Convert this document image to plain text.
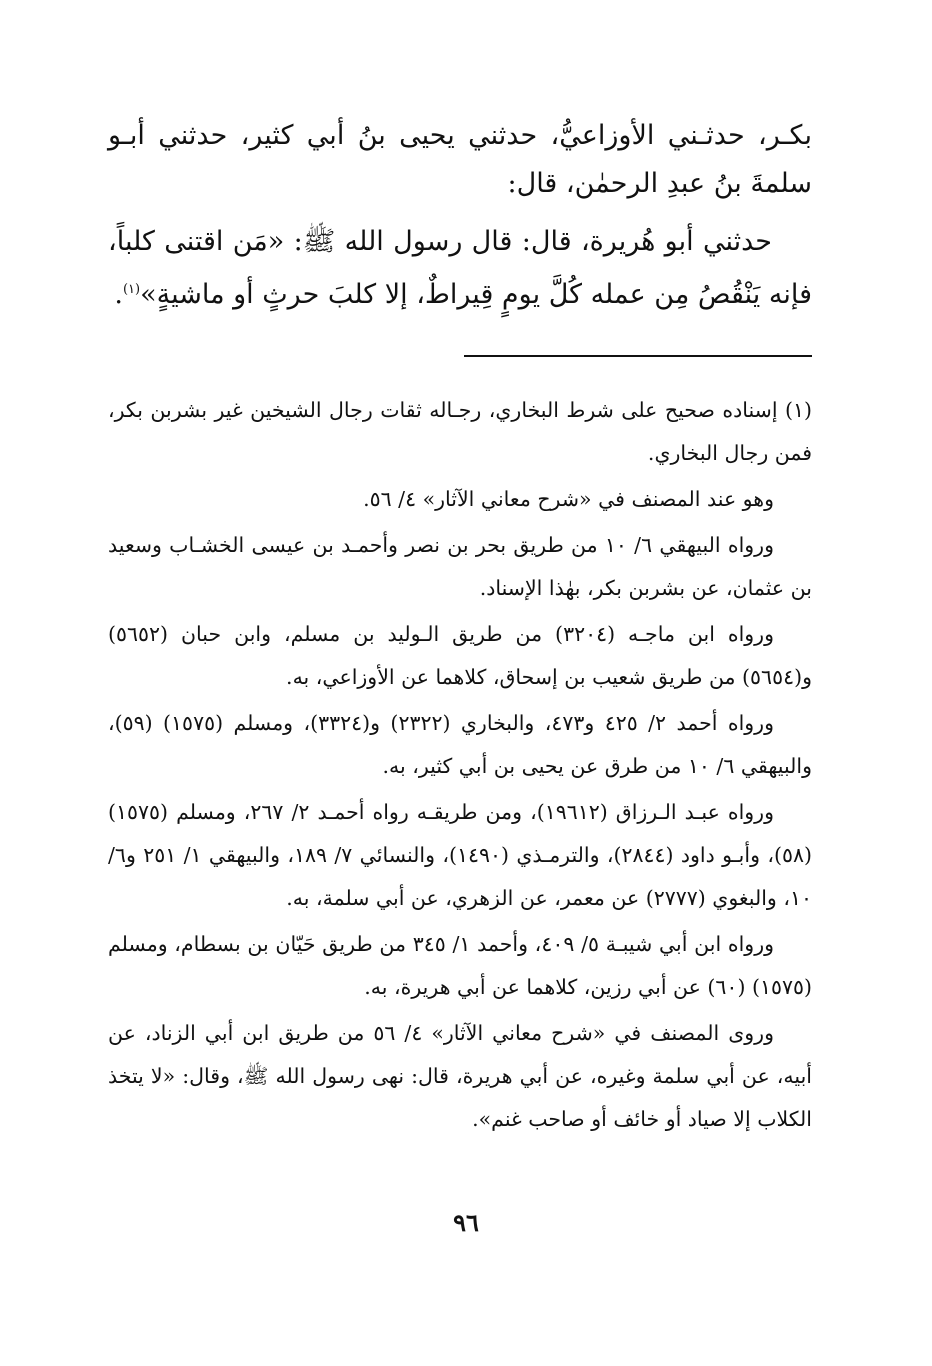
بكـر، حدثـني الأوزاعيُّ، حدثني يحيى بنُ أبي كثير، حدثني أبـو سلمةَ بنُ عبدِ الرحمٰن، قال:

حدثني أبو هُريرة، قال: قال رسول الله ﷺ: «مَن اقتنى كلباً، فإنه يَنْقُصُ مِن عمله كُلَّ يومٍ قِيراطٌ، إلا كلبَ حرثٍ أو ماشيةٍ»$^{(١)}$.

(١) إسناده صحيح على شرط البخاري، رجـاله ثقات رجال الشيخين غير بشربن بكر، فمن رجال البخاري.

وهو عند المصنف في «شرح معاني الآثار» ٤/ ٥٦.

ورواه البيهقي ٦/ ١٠ من طريق بحر بن نصر وأحمـد بن عيسى الخشـاب وسعيد بن عثمان، عن بشربن بكر، بهٰذا الإسناد.

ورواه ابن ماجـه (٣٢٠٤) من طريق الـوليد بن مسلم، وابن حبان (٥٦٥٢) و(٥٦٥٤) من طريق شعيب بن إسحاق، كلاهما عن الأوزاعي، به.

ورواه أحمد ٢/ ٤٢٥ و٤٧٣، والبخاري (٢٣٢٢) و(٣٣٢٤)، ومسلم (١٥٧٥) (٥٩)، والبيهقي ٦/ ١٠ من طرق عن يحيى بن أبي كثير، به.

ورواه عبـد الـرزاق (١٩٦١٢)، ومن طريقـه رواه أحمـد ٢/ ٢٦٧، ومسلم (١٥٧٥) (٥٨)، وأبـو داود (٢٨٤٤)، والترمـذي (١٤٩٠)، والنسائي ٧/ ١٨٩، والبيهقي ١/ ٢٥١ و٦/ ١٠، والبغوي (٢٧٧٧) عن معمر، عن الزهري، عن أبي سلمة، به.

ورواه ابن أبي شيبـة ٥/ ٤٠٩، وأحمد ١/ ٣٤٥ من طريق حَيّان بن بسطام، ومسلم (١٥٧٥) (٦٠) عن أبي رزين، كلاهما عن أبي هريرة، به.

وروى المصنف في «شرح معاني الآثار» ٤/ ٥٦ من طريق ابن أبي الزناد، عن أبيه، عن أبي سلمة وغيره، عن أبي هريرة، قال: نهى رسول الله ﷺ، وقال: «لا يتخذ الكلاب إلا صياد أو خائف أو صاحب غنم».

٩٦
